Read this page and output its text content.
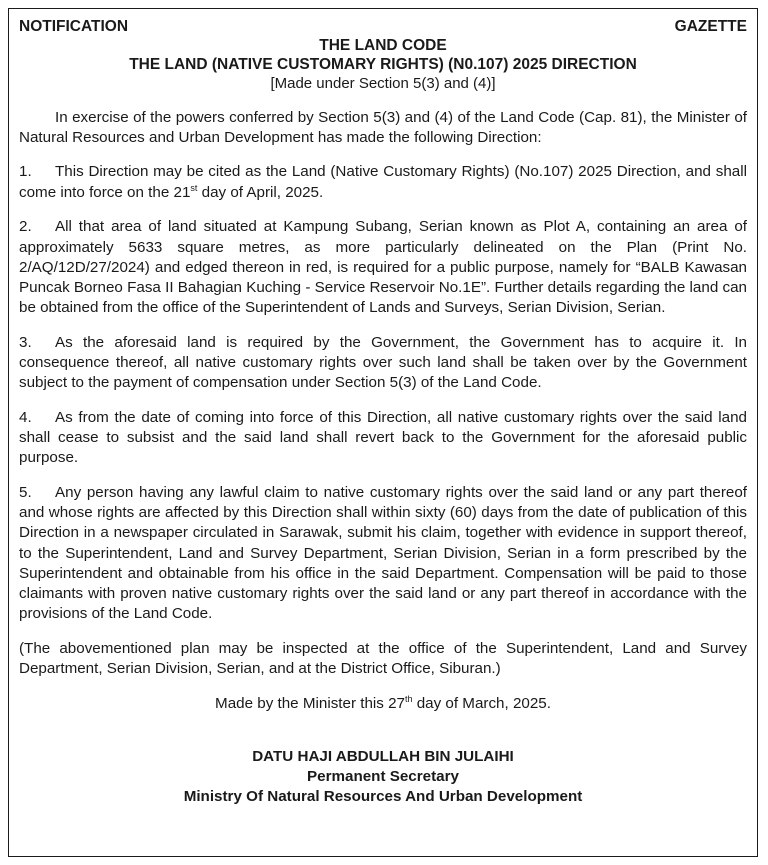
NOTIFICATION	GAZETTE
THE LAND CODE
THE LAND (NATIVE CUSTOMARY RIGHTS) (N0.107) 2025 DIRECTION
[Made under Section 5(3) and (4)]

In exercise of the powers conferred by Section 5(3) and (4) of the Land Code (Cap. 81), the Minister of Natural Resources and Urban Development has made the following Direction:

1. This Direction may be cited as the Land (Native Customary Rights) (No.107) 2025 Direction, and shall come into force on the 21st day of April, 2025.

2. All that area of land situated at Kampung Subang, Serian known as Plot A, containing an area of approximately 5633 square metres, as more particularly delineated on the Plan (Print No. 2/AQ/12D/27/2024) and edged thereon in red, is required for a public purpose, namely for “BALB Kawasan Puncak Borneo Fasa II Bahagian Kuching - Service Reservoir No.1E”. Further details regarding the land can be obtained from the office of the Superintendent of Lands and Surveys, Serian Division, Serian.

3. As the aforesaid land is required by the Government, the Government has to acquire it. In consequence thereof, all native customary rights over such land shall be taken over by the Government subject to the payment of compensation under Section 5(3) of the Land Code.

4. As from the date of coming into force of this Direction, all native customary rights over the said land shall cease to subsist and the said land shall revert back to the Government for the aforesaid public purpose.

5. Any person having any lawful claim to native customary rights over the said land or any part thereof and whose rights are affected by this Direction shall within sixty (60) days from the date of publication of this Direction in a newspaper circulated in Sarawak, submit his claim, together with evidence in support thereof, to the Superintendent, Land and Survey Department, Serian Division, Serian in a form prescribed by the Superintendent and obtainable from his office in the said Department. Compensation will be paid to those claimants with proven native customary rights over the said land or any part thereof in accordance with the provisions of the Land Code.

(The abovementioned plan may be inspected at the office of the Superintendent, Land and Survey Department, Serian Division, Serian, and at the District Office, Siburan.)

Made by the Minister this 27th day of March, 2025.
DATU HAJI ABDULLAH BIN JULAIHI
Permanent Secretary
Ministry Of Natural Resources And Urban Development
